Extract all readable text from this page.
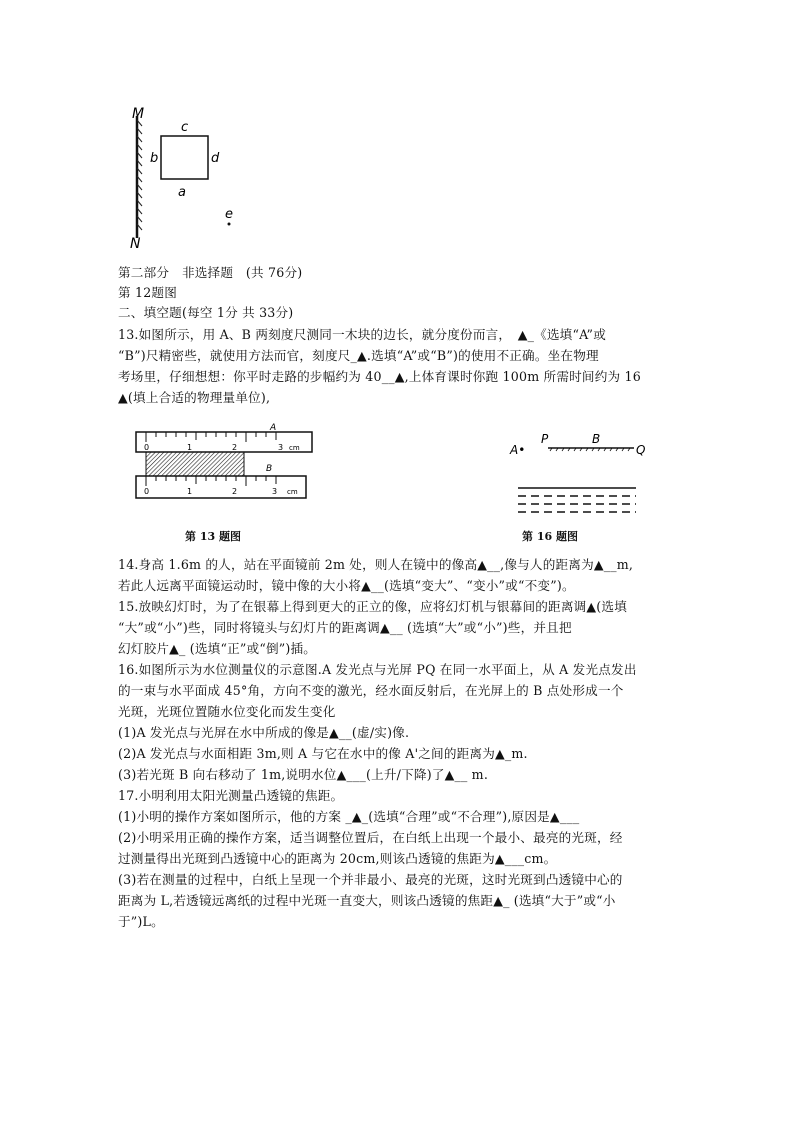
M
N
c
b	d
a
e
第二部分　非选择题　(共 76分)
第 12题图
二、填空题(每空 1分 共 33分)
13.如图所示，用 A、B 两刻度尺测同一木块的边长，就分度份而言，　▲_《选填“A”或
“B”)尺精密些，就使用方法而官，刻度尺_▲.选填“A”或“B”)的使用不正确。坐在物理
考场里，仔细想想：你平时走路的步幅约为 40__▲,上体育课时你跑 100m 所需时间约为 16
▲(填上合适的物理量单位),
0	1	2	3 cm
A
0	1	2	3 cm
B
第 13 题图
A•
P	B
Q
第 16 题图
14.身高 1.6m 的人，站在平面镜前 2m 处，则人在镜中的像高▲__,像与人的距离为▲__m,
若此人远离平面镜运动时，镜中像的大小将▲__(选填“变大”、“变小”或“不变”)。
15.放映幻灯时，为了在银幕上得到更大的正立的像，应将幻灯机与银幕间的距离调▲(选填
“大”或“小”)些，同时将镜头与幻灯片的距离调▲__ (选填“大”或“小”)些，并且把
幻灯胶片▲_ (选填“正”或“倒”)插。
16.如图所示为水位测量仪的示意图.A 发光点与光屏 PQ 在同一水平面上，从 A 发光点发出
的一束与水平面成 45°角，方向不变的激光，经水面反射后，在光屏上的 B 点处形成一个
光斑，光斑位置随水位变化而发生变化
(1)A 发光点与光屏在水中所成的像是▲__(虚/实)像.
(2)A 发光点与水面相距 3m,则 A 与它在水中的像 A'之间的距离为▲_m.
(3)若光斑 B 向右移动了 1m,说明水位▲___(上升/下降)了▲__ m.
17.小明利用太阳光测量凸透镜的焦距。
(1)小明的操作方案如图所示，他的方案 _▲_(选填“合理”或“不合理”),原因是▲___
(2)小明采用正确的操作方案，适当调整位置后，在白纸上出现一个最小、最亮的光斑，经
过测量得出光斑到凸透镜中心的距离为 20cm,则该凸透镜的焦距为▲___cm。
(3)若在测量的过程中，白纸上呈现一个并非最小、最亮的光斑，这时光斑到凸透镜中心的
距离为 L,若透镜远离纸的过程中光斑一直变大，则该凸透镜的焦距▲_ (选填“大于”或“小
于”)L。
